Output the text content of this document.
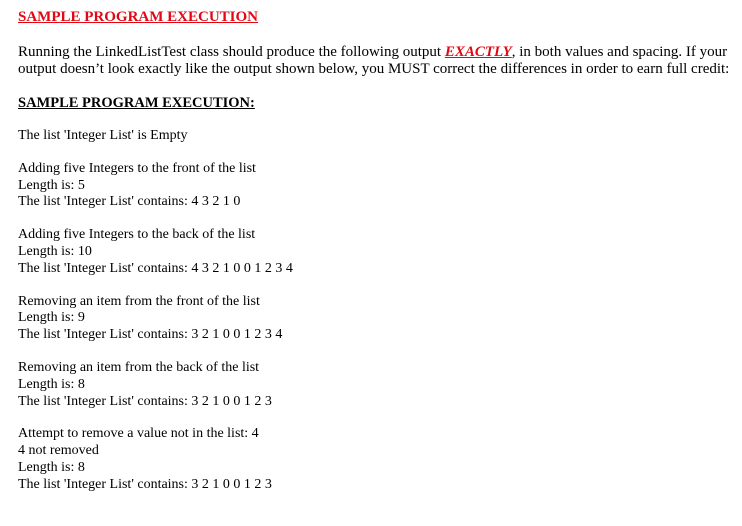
SAMPLE PROGRAM EXECUTION

Running the LinkedListTest class should produce the following output EXACTLY, in both values and spacing. If your output doesn’t look exactly like the output shown below, you MUST correct the differences in order to earn full credit:

SAMPLE PROGRAM EXECUTION:
The list 'Integer List' is Empty
Adding five Integers to the front of the list
Length is: 5
The list 'Integer List' contains: 4 3 2 1 0
Adding five Integers to the back of the list
Length is: 10
The list 'Integer List' contains: 4 3 2 1 0 0 1 2 3 4
Removing an item from the front of the list
Length is: 9
The list 'Integer List' contains: 3 2 1 0 0 1 2 3 4
Removing an item from the back of the list
Length is: 8
The list 'Integer List' contains: 3 2 1 0 0 1 2 3
Attempt to remove a value not in the list: 4
4 not removed
Length is: 8
The list 'Integer List' contains: 3 2 1 0 0 1 2 3
